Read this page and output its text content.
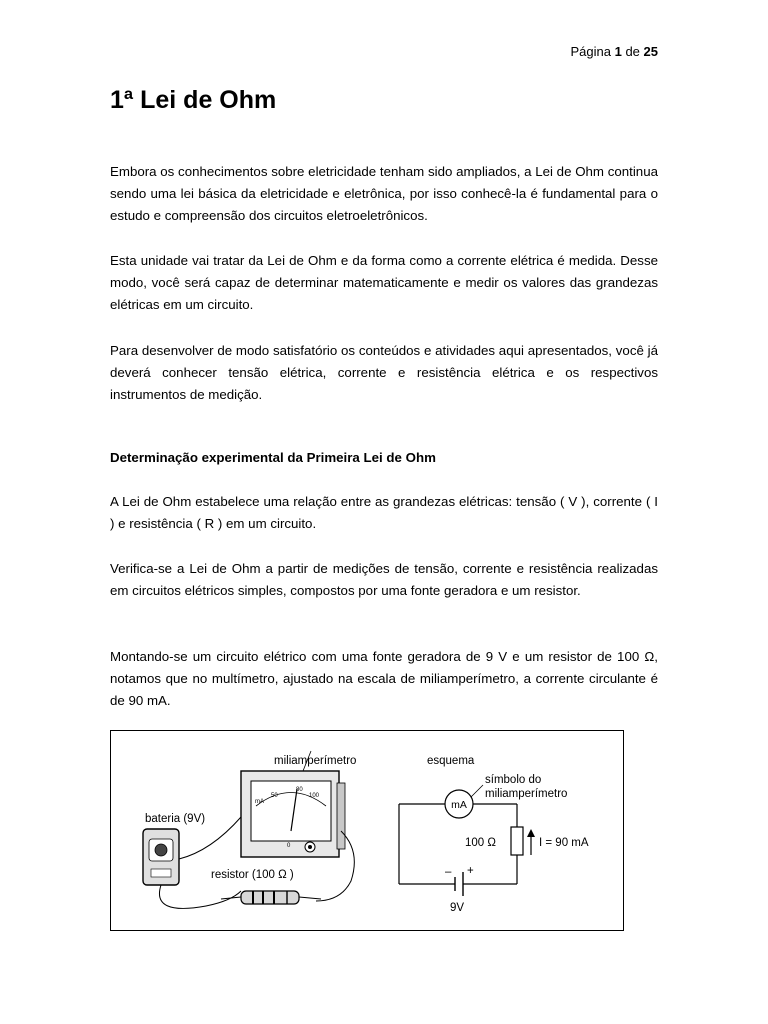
Página 1 de 25
1ª Lei de Ohm

Embora os conhecimentos sobre eletricidade tenham sido ampliados, a Lei de Ohm continua sendo uma lei básica da eletricidade e eletrônica, por isso conhecê-la é fundamental para o estudo e compreensão dos circuitos eletroeletrônicos.

Esta unidade vai tratar da Lei de Ohm e da forma como a corrente elétrica é medida. Desse modo, você será capaz de determinar matematicamente e medir os valores das grandezas elétricas em um circuito.

Para desenvolver de modo satisfatório os conteúdos e atividades aqui apresentados, você já deverá conhecer tensão elétrica, corrente e resistência elétrica e os respectivos instrumentos de medição.

Determinação experimental da Primeira Lei de Ohm

A Lei de Ohm estabelece uma relação entre as grandezas elétricas: tensão ( V ), corrente ( I ) e resistência ( R ) em um circuito.

Verifica-se a Lei de Ohm a partir de medições de tensão, corrente e resistência realizadas em circuitos elétricos simples, compostos por uma fonte geradora e um resistor.

Montando-se um circuito elétrico com uma fonte geradora de 9 V e um resistor de 100 Ω, notamos que no multímetro, ajustado na escala de miliamperímetro, a corrente circulante é de 90 mA.

mA
50
80
100
0
miliamperímetro
bateria (9V)
resistor (100 Ω )
esquema
mA
símbolo do
miliamperímetro
100 Ω	I = 90 mA
– +
9V
